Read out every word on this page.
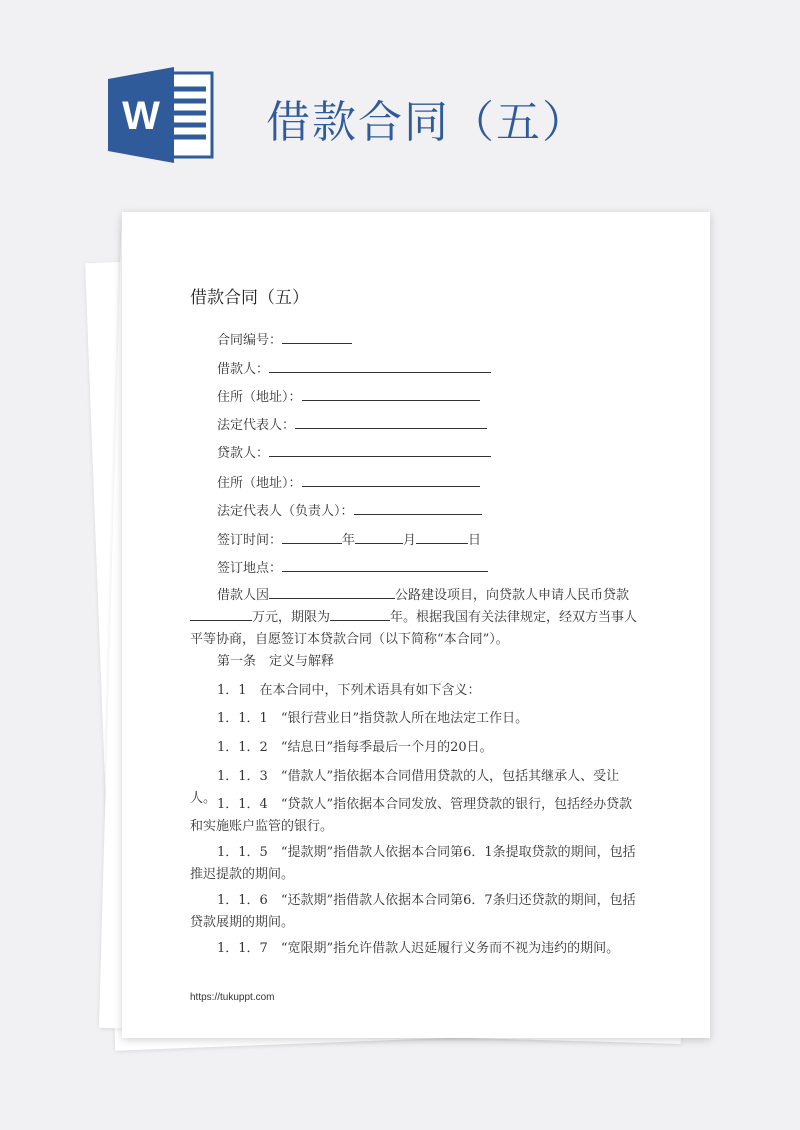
W 借款合同（五）
借款合同（五）
合同编号：
借款人：
住所（地址）：
法定代表人：
贷款人：
住所（地址）：
法定代表人（负责人）：
签订时间：	年	月	日
签订地点：

借款人因	公路建设项目，向贷款人申请人民币贷款万元，期限为	年。根据我国有关法律规定，经双方当事人平等协商，自愿签订本贷款合同（以下简称“本合同”）。

第一条　定义与解释

1．1　在本合同中，下列术语具有如下含义：

1．1．1　“银行营业日”指贷款人所在地法定工作日。

1．1．2　“结息日”指每季最后一个月的20日。

1．1．3　“借款人”指依据本合同借用贷款的人，包括其继承人、受让人。 1．1．4　“贷款人”指依据本合同发放、管理贷款的银行，包括经办贷款和实施账户监管的银行。

1．1．5　“提款期”指借款人依据本合同第6．1条提取贷款的期间，包括推迟提款的期间。

1．1．6　“还款期”指借款人依据本合同第6．7条归还贷款的期间，包括贷款展期的期间。

1．1．7　“宽限期”指允许借款人迟延履行义务而不视为违约的期间。

https://tukuppt.com
